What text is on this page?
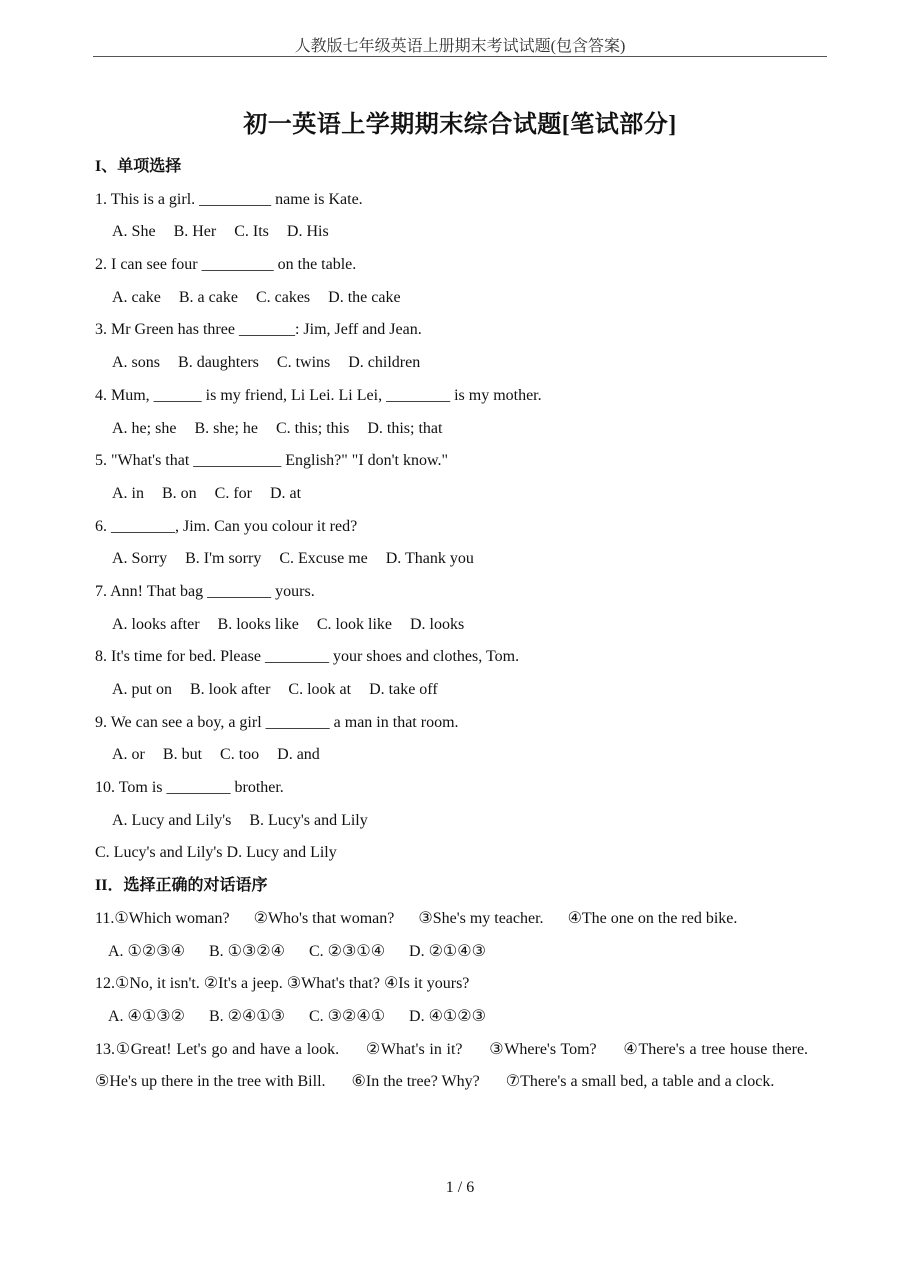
人教版七年级英语上册期末考试试题(包含答案)
初一英语上学期期末综合试题[笔试部分]
I、单项选择
1. This is a girl. _________ name is Kate.
A. She B. Her C. Its D. His
2. I can see four _________ on the table.
A. cake B. a cake C. cakes D. the cake
3. Mr Green has three _______: Jim, Jeff and Jean.
A. sons B. daughters C. twins D. children
4. Mum, ______ is my friend, Li Lei. Li Lei, ________ is my mother.
A. he; she B. she; he C. this; this D. this; that
5. "What's that ___________ English?" "I don't know."
A. in B. on C. for D. at
6. ________, Jim. Can you colour it red?
A. Sorry B. I'm sorry C. Excuse me D. Thank you
7. Ann! That bag ________ yours.
A. looks after B. looks like C. look like D. looks
8. It's time for bed. Please ________ your shoes and clothes, Tom.
A. put on B. look after C. look at D. take off
9. We can see a boy, a girl ________ a man in that room.
A. or B. but C. too D. and
10. Tom is ________ brother.
A. Lucy and Lily's B. Lucy's and Lily
C. Lucy's and Lily's D. Lucy and Lily
II．选择正确的对话语序
11.①Which woman? ②Who's that woman? ③She's my teacher. ④The one on the red bike.
A. ①②③④ B. ①③②④ C. ②③①④ D. ②①④③
12.①No, it isn't. ②It's a jeep. ③What's that? ④Is it yours?
A. ④①③② B. ②④①③ C. ③②④① D. ④①②③
13.①Great! Let's go and have a look. ②What's in it? ③Where's Tom? ④There's a tree house there. ⑤He's up there in the tree with Bill. ⑥In the tree? Why? ⑦There's a small bed, a table and a clock.
1 / 6
